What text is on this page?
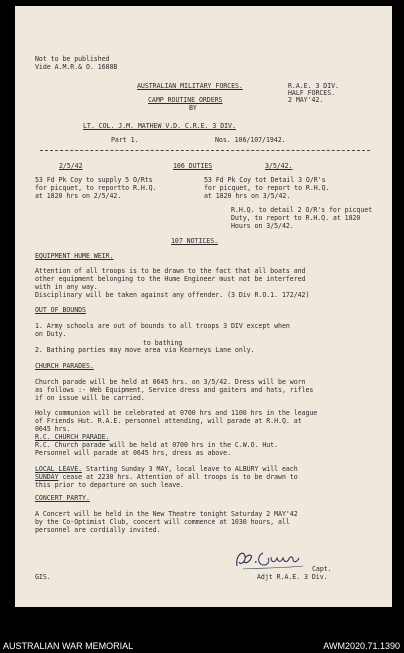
Not to be published
Vide A.M.R.& O. 1688B
AUSTRALIAN MILITARY FORCES.
CAMP ROUTINE ORDERS
BY
R.A.E. 3 DIV.
HALF FORCES.
2 MAY'42.
LT. COL. J.M. MATHEW V.D. C.R.E. 3 DIV.
Part 1.	Nos. 106/107/1942.
2/5/42	106 DUTIES	3/5/42.
53 Fd Pk Coy to supply 5 O/Rts
for picquet, to reportto R.H.Q.
at 1820 hrs on 2/5/42.
53 Fd Pk Coy tot Detail 3 O/R's
for picquet, to report to R.H.Q.
at 1820 hrs on 3/5/42.
R.H.Q. to detail 2 O/R's for picquet
Duty, to report to R.H.Q. at 1820
Hours on 3/5/42.
107 NOTICES.
EQUIPMENT HUME WEIR.
Attention of all troops is to be drawn to the fact that all boats and
other equipment belonging to the Hume Engineer must not be interfered
with in any way.
Disciplinary will be taken against any offender. (3 Div R.O.1. 172/42)
OUT OF BOUNDS
1. Army schools are out of bounds to all troops 3 DIV except when
on Duty.
to bathing
2. Bathing parties may move area via Kearneys Lane only.
CHURCH PARADES.
Church parade will be held at 0645 hrs. on 3/5/42. Dress will be worn
as follows :- Web Equipment, Service dress and gaiters and hats, rifles
if on issue will be carried.
Holy communion will be celebrated at 0700 hrs and 1100 hrs in the league
of Friends Hut. R.A.E. personnel attending, will parade at R.H.Q. at
0645 hrs.
R.C. CHURCH PARADE.
R.C. Church parade will be held at 0700 hrs in the C.W.O. Hut.
Personnel will parade at 0645 hrs, dress as above.
LOCAL LEAVE. Starting Sunday 3 MAY, local leave to ALBURY will each
SUNDAY cease at 2230 hrs. Attention of all troops is to be drawn to
this prior to departure on such leave.
CONCERT PARTY.
A Concert will be held in the New Theatre tonight Saturday 2 MAY'42
by the Co-Optimist Club, concert will commence at 1030 hours, all
personnel are cordially invited.
Capt.
Adjt R.A.E. 3 Div.
GIS.
AUSTRALIAN WAR MEMORIAL	AWM2020.71.1390
